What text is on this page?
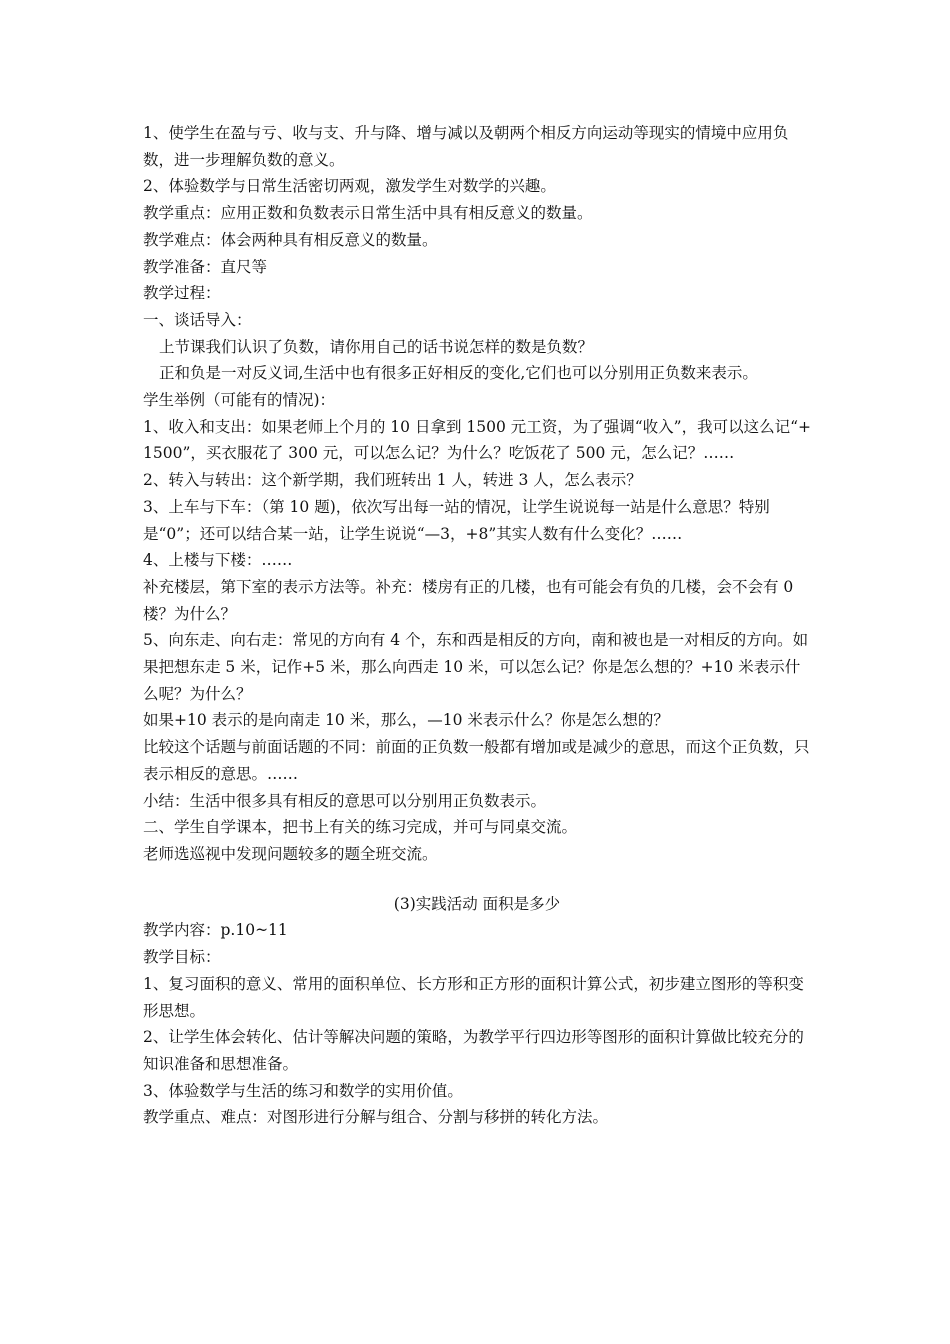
1、使学生在盈与亏、收与支、升与降、增与减以及朝两个相反方向运动等现实的情境中应用负数，进一步理解负数的意义。

2、体验数学与日常生活密切两观，激发学生对数学的兴趣。

教学重点：应用正数和负数表示日常生活中具有相反意义的数量。

教学难点：体会两种具有相反意义的数量。

教学准备：直尺等

教学过程：

一、谈话导入：

上节课我们认识了负数，请你用自己的话书说怎样的数是负数？

正和负是一对反义词,生活中也有很多正好相反的变化,它们也可以分别用正负数来表示。

学生举例（可能有的情况)：

1、收入和支出：如果老师上个月的 10 日拿到 1500 元工资，为了强调“收入”，我可以这么记“+1500”，买衣服花了 300 元，可以怎么记？为什么？吃饭花了 500 元，怎么记？……

2、转入与转出：这个新学期，我们班转出 1 人，转进 3 人，怎么表示？

3、上车与下车：（第 10 题)，依次写出每一站的情况，让学生说说每一站是什么意思？特别是“0”；还可以结合某一站，让学生说说“—3，+8”其实人数有什么变化？……

4、上楼与下楼：……

补充楼层，第下室的表示方法等。补充：楼房有正的几楼，也有可能会有负的几楼，会不会有 0 楼？为什么？

5、向东走、向右走：常见的方向有 4 个，东和西是相反的方向，南和被也是一对相反的方向。如果把想东走 5 米，记作+5 米，那么向西走 10 米，可以怎么记？你是怎么想的？+10 米表示什么呢？为什么？

如果+10 表示的是向南走 10 米，那么，—10 米表示什么？你是怎么想的？

比较这个话题与前面话题的不同：前面的正负数一般都有增加或是减少的意思，而这个正负数，只表示相反的意思。……

小结：生活中很多具有相反的意思可以分别用正负数表示。

二、学生自学课本，把书上有关的练习完成，并可与同桌交流。

老师选巡视中发现问题较多的题全班交流。

(3)实践活动 面积是多少

教学内容：p.10~11

教学目标：

1、复习面积的意义、常用的面积单位、长方形和正方形的面积计算公式，初步建立图形的等积变形思想。

2、让学生体会转化、估计等解决问题的策略，为教学平行四边形等图形的面积计算做比较充分的知识准备和思想准备。

3、体验数学与生活的练习和数学的实用价值。

教学重点、难点：对图形进行分解与组合、分割与移拼的转化方法。
